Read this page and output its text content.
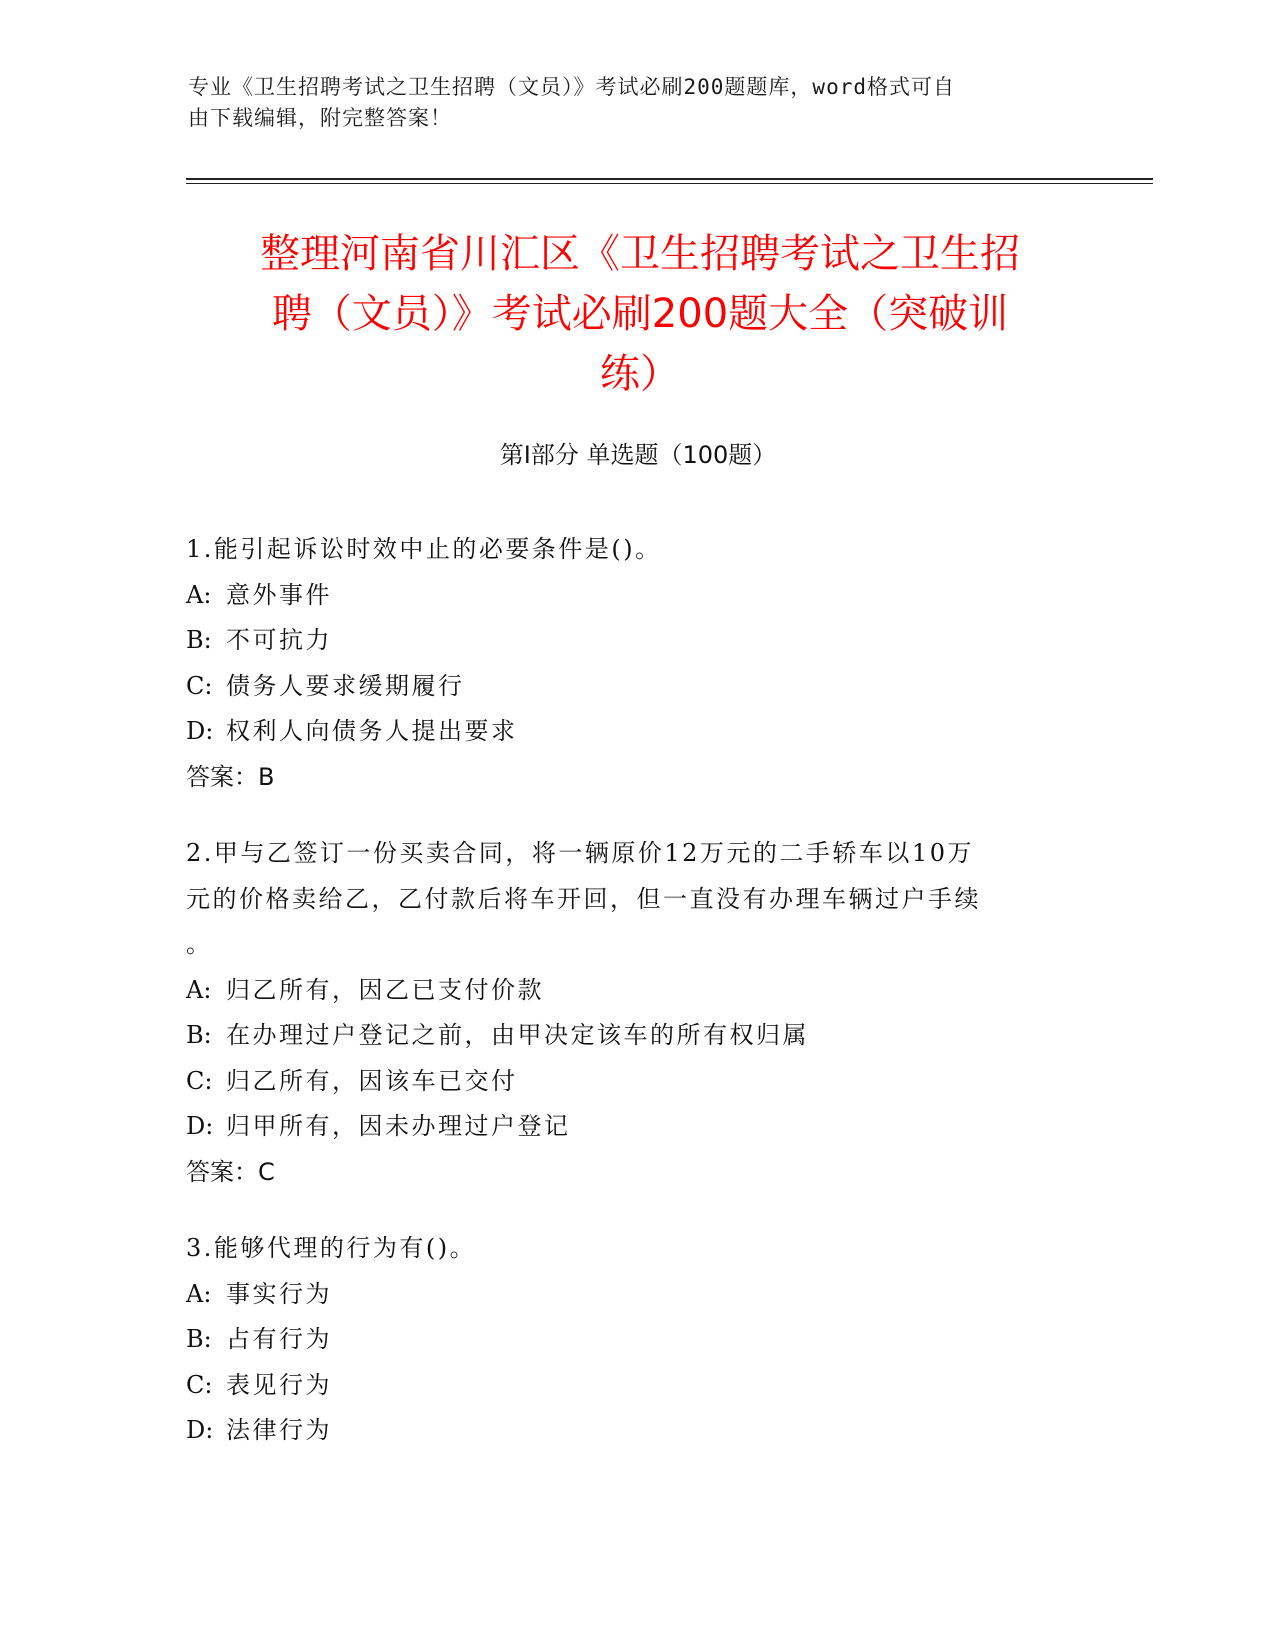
专业《卫生招聘考试之卫生招聘（文员）》考试必刷200题题库，word格式可自
由下载编辑，附完整答案！
整理河南省川汇区《卫生招聘考试之卫生招
聘（文员）》考试必刷200题大全（突破训
练）
第Ⅰ部分 单选题（100题）
1.能引起诉讼时效中止的必要条件是()。
A: 意外事件
B: 不可抗力
C: 债务人要求缓期履行
D: 权利人向债务人提出要求
答案：B
2.甲与乙签订一份买卖合同，将一辆原价12万元的二手轿车以10万
元的价格卖给乙，乙付款后将车开回，但一直没有办理车辆过户手续
。
A: 归乙所有，因乙已支付价款
B: 在办理过户登记之前，由甲决定该车的所有权归属
C: 归乙所有，因该车已交付
D: 归甲所有，因未办理过户登记
答案：C
3.能够代理的行为有()。
A: 事实行为
B: 占有行为
C: 表见行为
D: 法律行为
